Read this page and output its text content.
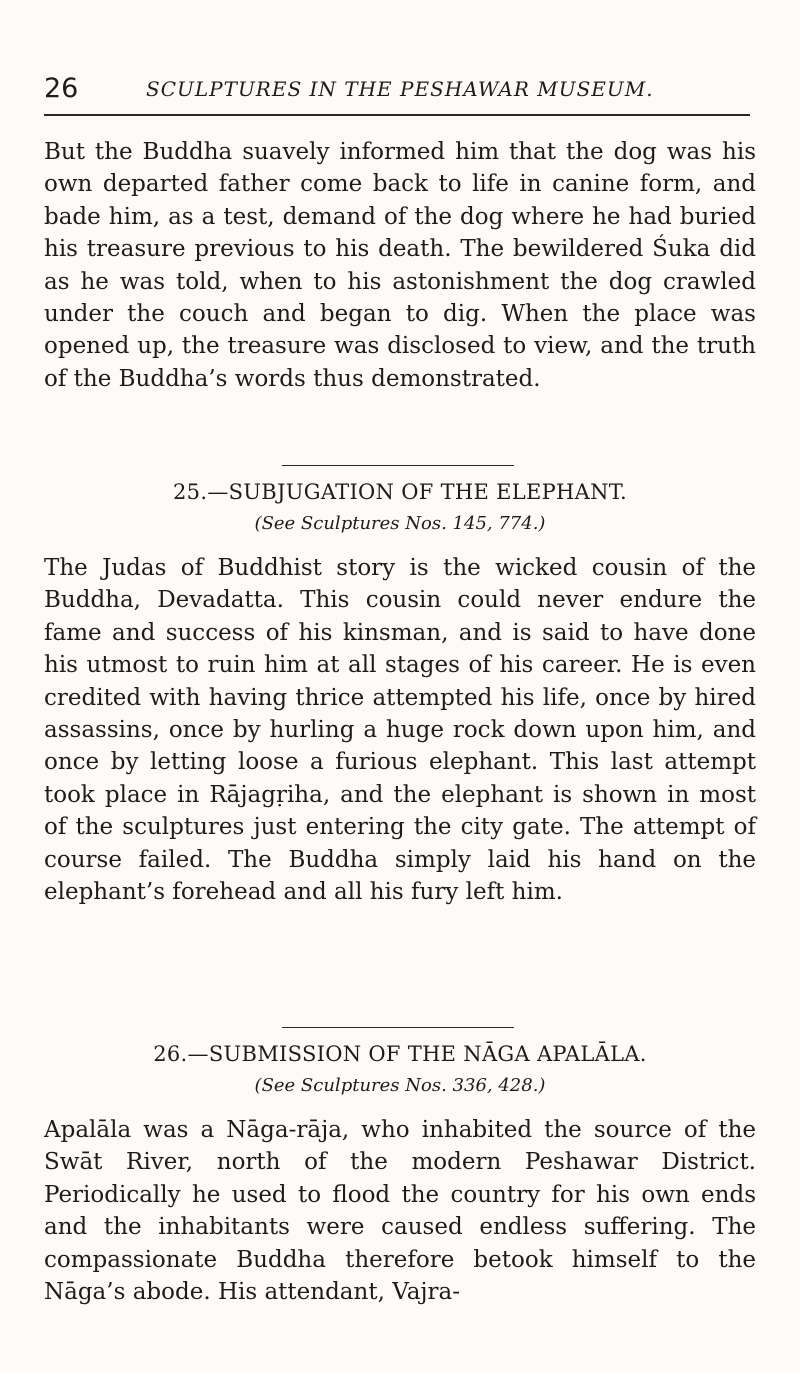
26	SCULPTURES IN THE PESHAWAR MUSEUM.

But the Buddha suavely informed him that the dog was his own departed father come back to life in canine form, and bade him, as a test, demand of the dog where he had buried his treasure previous to his death. The bewildered Śuka did as he was told, when to his astonishment the dog crawled under the couch and began to dig. When the place was opened up, the treasure was disclosed to view, and the truth of the Buddha’s words thus demonstrated.

25.—SUBJUGATION OF THE ELEPHANT.
(See Sculptures Nos. 145, 774.)

The Judas of Buddhist story is the wicked cousin of the Buddha, Devadatta. This cousin could never endure the fame and success of his kinsman, and is said to have done his utmost to ruin him at all stages of his career. He is even credited with having thrice attempted his life, once by hired assassins, once by hurling a huge rock down upon him, and once by letting loose a furious elephant. This last attempt took place in Rājagṛiha, and the elephant is shown in most of the sculptures just entering the city gate. The attempt of course failed. The Buddha simply laid his hand on the elephant’s forehead and all his fury left him.

26.—SUBMISSION OF THE NĀGA APALĀLA.
(See Sculptures Nos. 336, 428.)

Apalāla was a Nāga-rāja, who inhabited the source of the Swāt River, north of the modern Peshawar District. Periodically he used to flood the country for his own ends and the inhabitants were caused endless suffering. The compassionate Buddha therefore betook himself to the Nāga’s abode. His attendant, Vajra-
